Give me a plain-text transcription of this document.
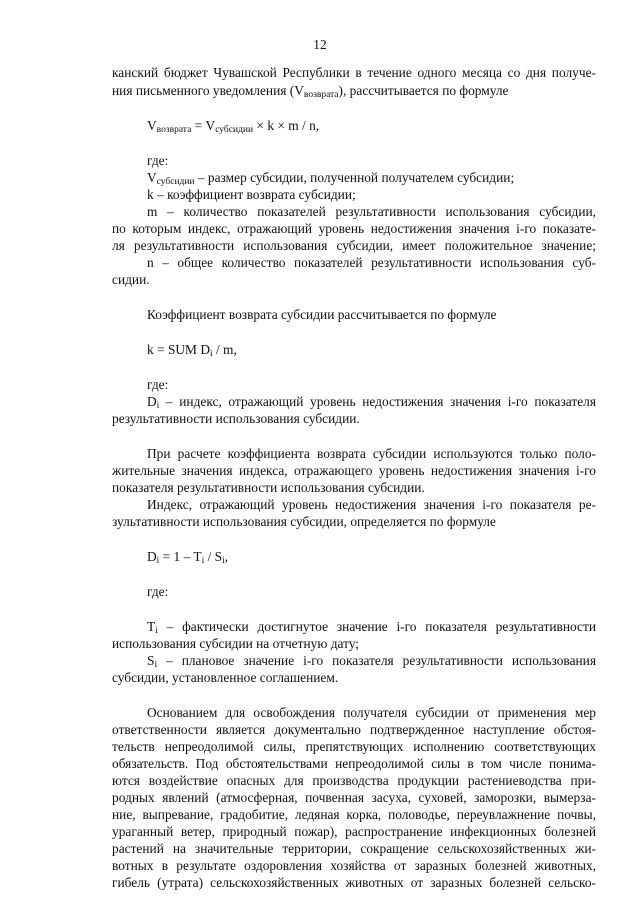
12
канский бюджет Чувашской Республики в течение одного месяца со дня получе-
ния письменного уведомления $(V_{возврата})$, рассчитывается по формуле
$V_{возврата} = V_{субсидии} \times k \times m / n$,
где:
$V_{субсидии}$ – размер субсидии, полученной получателем субсидии;
k – коэффициент возврата субсидии;
m – количество показателей результативности использования субсидии,
по которым индекс, отражающий уровень недостижения значения i-го показате-
ля результативности использования субсидии, имеет положительное значение;
n – общее количество показателей результативности использования суб-
сидии.
Коэффициент возврата субсидии рассчитывается по формуле
k = SUM $D_i$ / m,
где:
$D_i$ – индекс, отражающий уровень недостижения значения i-го показателя
результативности использования субсидии.
При расчете коэффициента возврата субсидии используются только поло-
жительные значения индекса, отражающего уровень недостижения значения i-го
показателя результативности использования субсидии.
Индекс, отражающий уровень недостижения значения i-го показателя ре-
зультативности использования субсидии, определяется по формуле
$D_i = 1 - T_i / S_i$,
где:
$T_i$ – фактически достигнутое значение i-го показателя результативности
использования субсидии на отчетную дату;
$S_i$ – плановое значение i-го показателя результативности использования
субсидии, установленное соглашением.
Основанием для освобождения получателя субсидии от применения мер
ответственности является документально подтвержденное наступление обстоя-
тельств непреодолимой силы, препятствующих исполнению соответствующих
обязательств. Под обстоятельствами непреодолимой силы в том числе понима-
ются воздействие опасных для производства продукции растениеводства при-
родных явлений (атмосферная, почвенная засуха, суховей, заморозки, вымерза-
ние, выпревание, градобитие, ледяная корка, половодье, переувлажнение почвы,
ураганный ветер, природный пожар), распространение инфекционных болезней
растений на значительные территории, сокращение сельскохозяйственных жи-
вотных в результате оздоровления хозяйства от заразных болезней животных,
гибель (утрата) сельскохозяйственных животных от заразных болезней сельско-
